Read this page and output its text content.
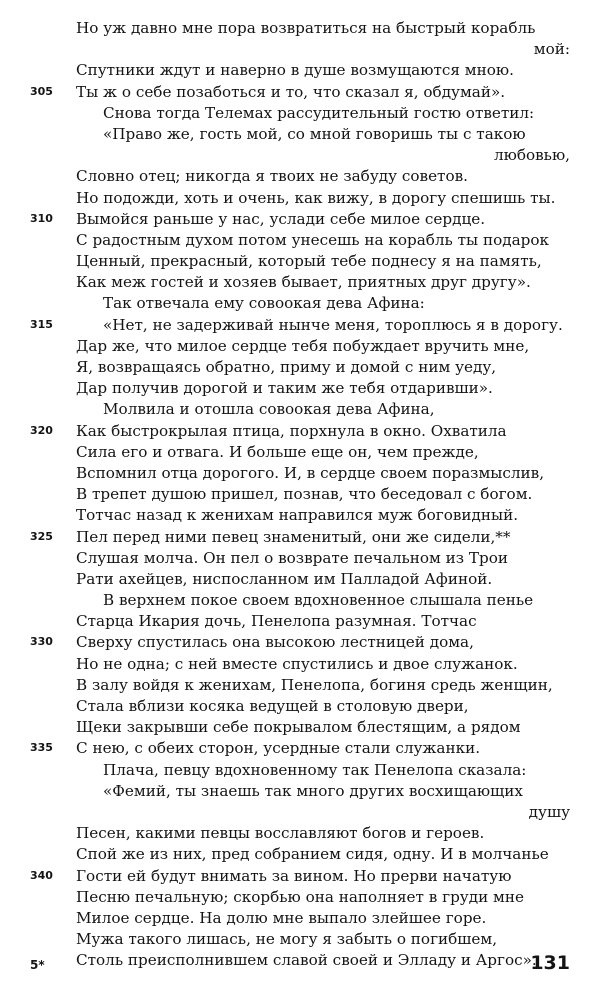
Но уж давно мне пора возвратиться на быстрый корабль
мой:
Спутники ждут и наверно в душе возмущаются мною.
305 Ты ж о себе позаботься и то, что сказал я, обдумай».
Снова тогда Телемах рассудительный гостю ответил:
«Право же, гость мой, со мной говоришь ты с такою
любовью,
Словно отец; никогда я твоих не забуду советов.
Но подожди, хоть и очень, как вижу, в дорогу спешишь ты.
310 Вымойся раньше у нас, услади себе милое сердце.
С радостным духом потом унесешь на корабль ты подарок
Ценный, прекрасный, который тебе поднесу я на память,
Как меж гостей и хозяев бывает, приятных друг другу».
Так отвечала ему совоокая дева Афина:
315	«Нет, не задерживай нынче меня, тороплюсь я в дорогу.
Дар же, что милое сердце тебя побуждает вручить мне,
Я, возвращаясь обратно, приму и домой с ним уеду,
Дар получив дорогой и таким же тебя отдаривши».
Молвила и отошла совоокая дева Афина,
320 Как быстрокрылая птица, порхнула в окно. Охватила
Сила его и отвага. И больше еще он, чем прежде,
Вспомнил отца дорогого. И, в сердце своем поразмыслив,
В трепет душою пришел, познав, что беседовал с богом.
Тотчас назад к женихам направился муж боговидный.
325 Пел перед ними певец знаменитый, они же сидели,**
Слушая молча. Он пел о возврате печальном из Трои
Рати ахейцев, ниспосланном им Палладой Афиной.
В верхнем покое своем вдохновенное слышала пенье
Старца Икария дочь, Пенелопа разумная. Тотчас
330 Сверху спустилась она высокою лестницей дома,
Но не одна; с ней вместе спустились и двое служанок.
В залу войдя к женихам, Пенелопа, богиня средь женщин,
Стала вблизи косяка ведущей в столовую двери,
Щеки закрывши себе покрывалом блестящим, а рядом
335 С нею, с обеих сторон, усердные стали служанки.
Плача, певцу вдохновенному так Пенелопа сказала:
«Фемий, ты знаешь так много других восхищающих
душу
Песен, какими певцы восславляют богов и героев.
Спой же из них, пред собранием сидя, одну. И в молчанье
340 Гости ей будут внимать за вином. Но прерви начатую
Песню печальную; скорбью она наполняет в груди мне
Милое сердце. На долю мне выпало злейшее горе.
Мужа такого лишась, не могу я забыть о погибшем,
Столь преисполнившем славой своей и Элладу и Аргос».
5*	131
